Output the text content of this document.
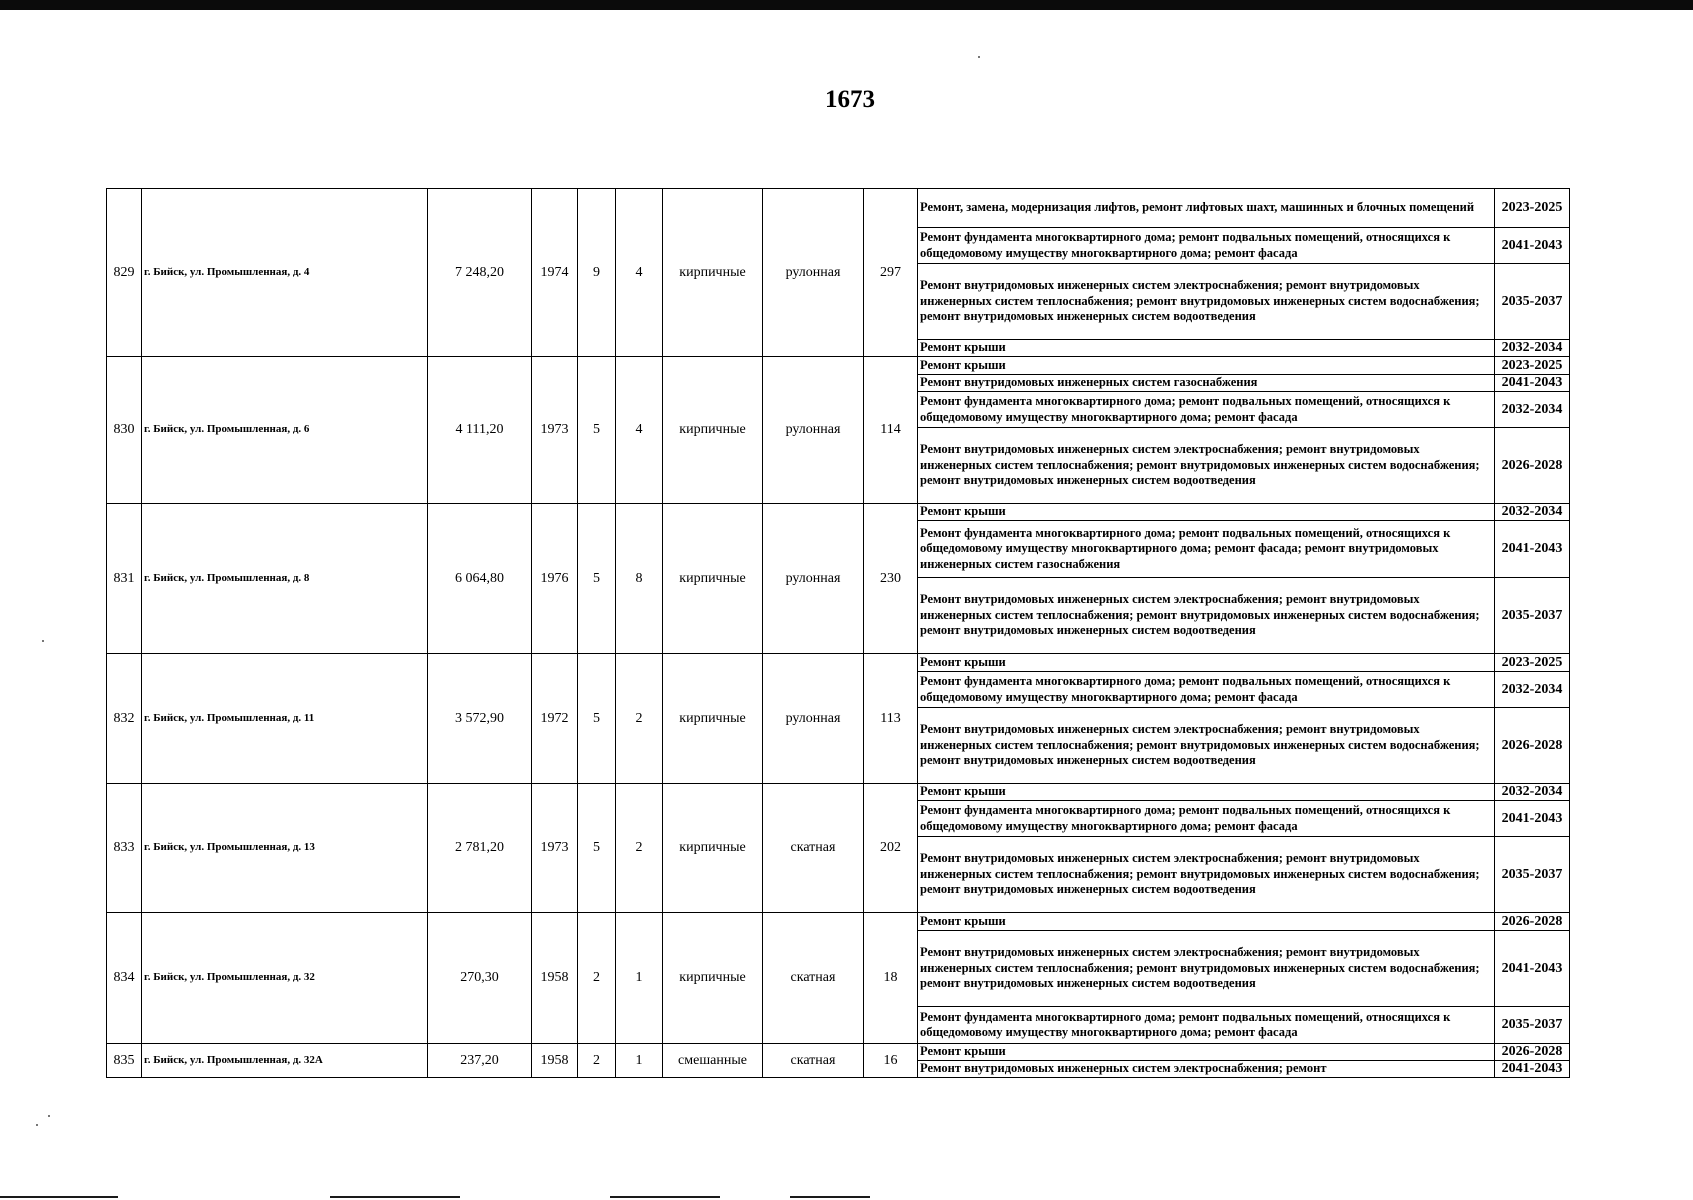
1673
829	г. Бийск, ул. Промышленная, д. 4	7 248,20	1974	9	4	кирпичные	рулонная	297	Ремонт, замена, модернизация лифтов, ремонт лифтовых шахт, машинных и блочных помещений	2023-2025
									Ремонт фундамента многоквартирного дома; ремонт подвальных помещений, относящихся к общедомовому имуществу многоквартирного дома; ремонт фасада	2041-2043
									Ремонт внутридомовых инженерных систем электроснабжения; ремонт внутридомовых инженерных систем теплоснабжения; ремонт внутридомовых инженерных систем водоснабжения; ремонт внутридомовых инженерных систем водоотведения	2035-2037
									Ремонт крыши	2032-2034
830	г. Бийск, ул. Промышленная, д. 6	4 111,20	1973	5	4	кирпичные	рулонная	114	Ремонт крыши	2023-2025
									Ремонт внутридомовых инженерных систем газоснабжения	2041-2043
									Ремонт фундамента многоквартирного дома; ремонт подвальных помещений, относящихся к общедомовому имуществу многоквартирного дома; ремонт фасада	2032-2034
									Ремонт внутридомовых инженерных систем электроснабжения; ремонт внутридомовых инженерных систем теплоснабжения; ремонт внутридомовых инженерных систем водоснабжения; ремонт внутридомовых инженерных систем водоотведения	2026-2028
831	г. Бийск, ул. Промышленная, д. 8	6 064,80	1976	5	8	кирпичные	рулонная	230	Ремонт крыши	2032-2034
									Ремонт фундамента многоквартирного дома; ремонт подвальных помещений, относящихся к общедомовому имуществу многоквартирного дома; ремонт фасада; ремонт внутридомовых инженерных систем газоснабжения	2041-2043
									Ремонт внутридомовых инженерных систем электроснабжения; ремонт внутридомовых инженерных систем теплоснабжения; ремонт внутридомовых инженерных систем водоснабжения; ремонт внутридомовых инженерных систем водоотведения	2035-2037
832	г. Бийск, ул. Промышленная, д. 11	3 572,90	1972	5	2	кирпичные	рулонная	113	Ремонт крыши	2023-2025
									Ремонт фундамента многоквартирного дома; ремонт подвальных помещений, относящихся к общедомовому имуществу многоквартирного дома; ремонт фасада	2032-2034
									Ремонт внутридомовых инженерных систем электроснабжения; ремонт внутридомовых инженерных систем теплоснабжения; ремонт внутридомовых инженерных систем водоснабжения; ремонт внутридомовых инженерных систем водоотведения	2026-2028
833	г. Бийск, ул. Промышленная, д. 13	2 781,20	1973	5	2	кирпичные	скатная	202	Ремонт крыши	2032-2034
									Ремонт фундамента многоквартирного дома; ремонт подвальных помещений, относящихся к общедомовому имуществу многоквартирного дома; ремонт фасада	2041-2043
									Ремонт внутридомовых инженерных систем электроснабжения; ремонт внутридомовых инженерных систем теплоснабжения; ремонт внутридомовых инженерных систем водоснабжения; ремонт внутридомовых инженерных систем водоотведения	2035-2037
834	г. Бийск, ул. Промышленная, д. 32	270,30	1958	2	1	кирпичные	скатная	18	Ремонт крыши	2026-2028
									Ремонт внутридомовых инженерных систем электроснабжения; ремонт внутридомовых инженерных систем теплоснабжения; ремонт внутридомовых инженерных систем водоснабжения; ремонт внутридомовых инженерных систем водоотведения	2041-2043
									Ремонт фундамента многоквартирного дома; ремонт подвальных помещений, относящихся к общедомовому имуществу многоквартирного дома; ремонт фасада	2035-2037
835	г. Бийск, ул. Промышленная, д. 32А	237,20	1958	2	1	смешанные	скатная	16	Ремонт крыши	2026-2028
									Ремонт внутридомовых инженерных систем электроснабжения; ремонт	2041-2043
